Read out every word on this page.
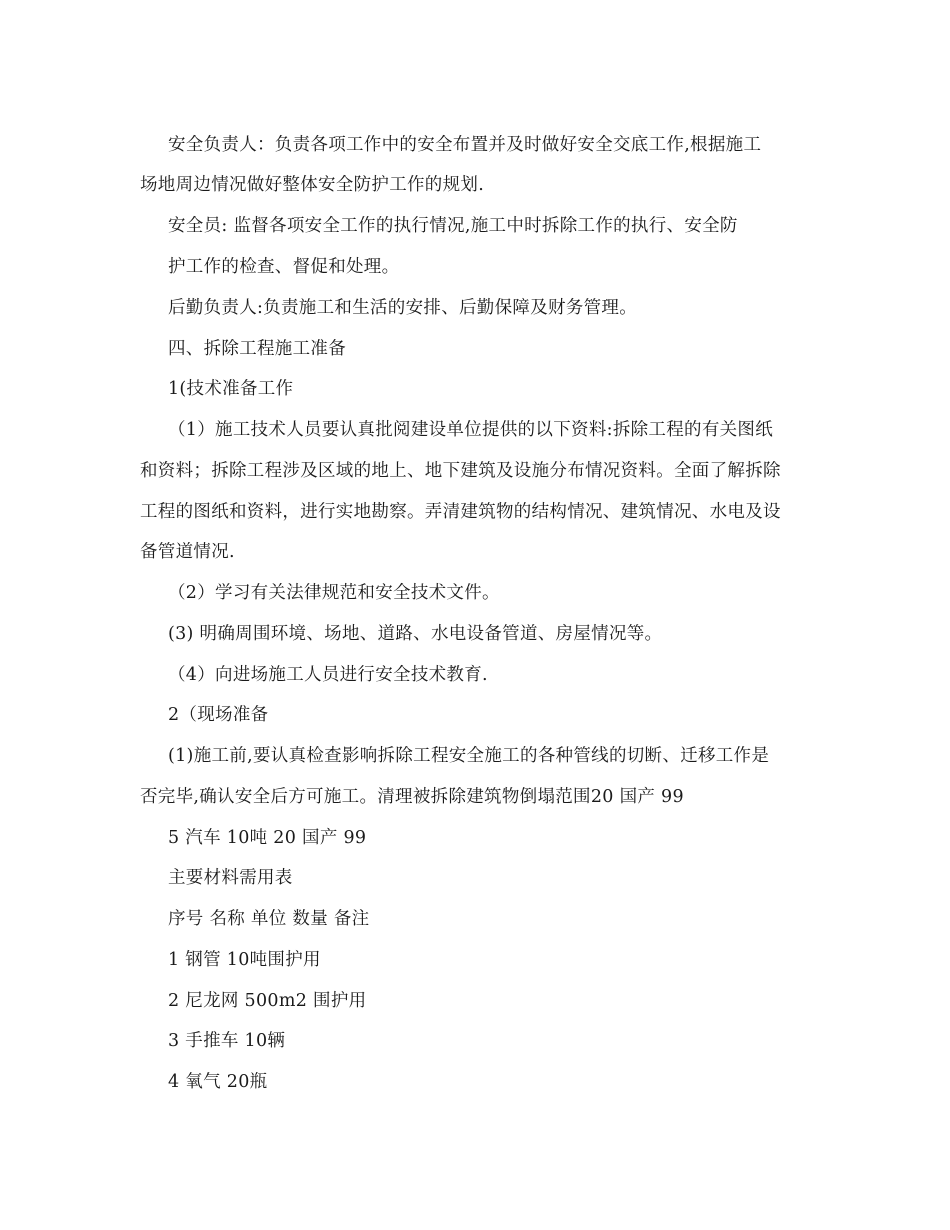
安全负责人：负责各项工作中的安全布置并及时做好安全交底工作,根据施工
场地周边情况做好整体安全防护工作的规划.
安全员: 监督各项安全工作的执行情况,施工中时拆除工作的执行、安全防
护工作的检查、督促和处理。
后勤负责人:负责施工和生活的安排、后勤保障及财务管理。
四、拆除工程施工准备
1(技术准备工作
（1）施工技术人员要认真批阅建设单位提供的以下资料:拆除工程的有关图纸
和资料；拆除工程涉及区域的地上、地下建筑及设施分布情况资料。全面了解拆除
工程的图纸和资料，进行实地勘察。弄清建筑物的结构情况、建筑情况、水电及设
备管道情况.
（2）学习有关法律规范和安全技术文件。
(3) 明确周围环境、场地、道路、水电设备管道、房屋情况等。
（4）向进场施工人员进行安全技术教育.
2（现场准备
(1)施工前,要认真检查影响拆除工程安全施工的各种管线的切断、迁移工作是
否完毕,确认安全后方可施工。清理被拆除建筑物倒塌范围20 国产 99
5 汽车 10吨 20 国产 99
主要材料需用表
序号 名称 单位 数量 备注
1 钢管 10吨围护用
2 尼龙网 500m2 围护用
3 手推车 10辆
4 氧气 20瓶
